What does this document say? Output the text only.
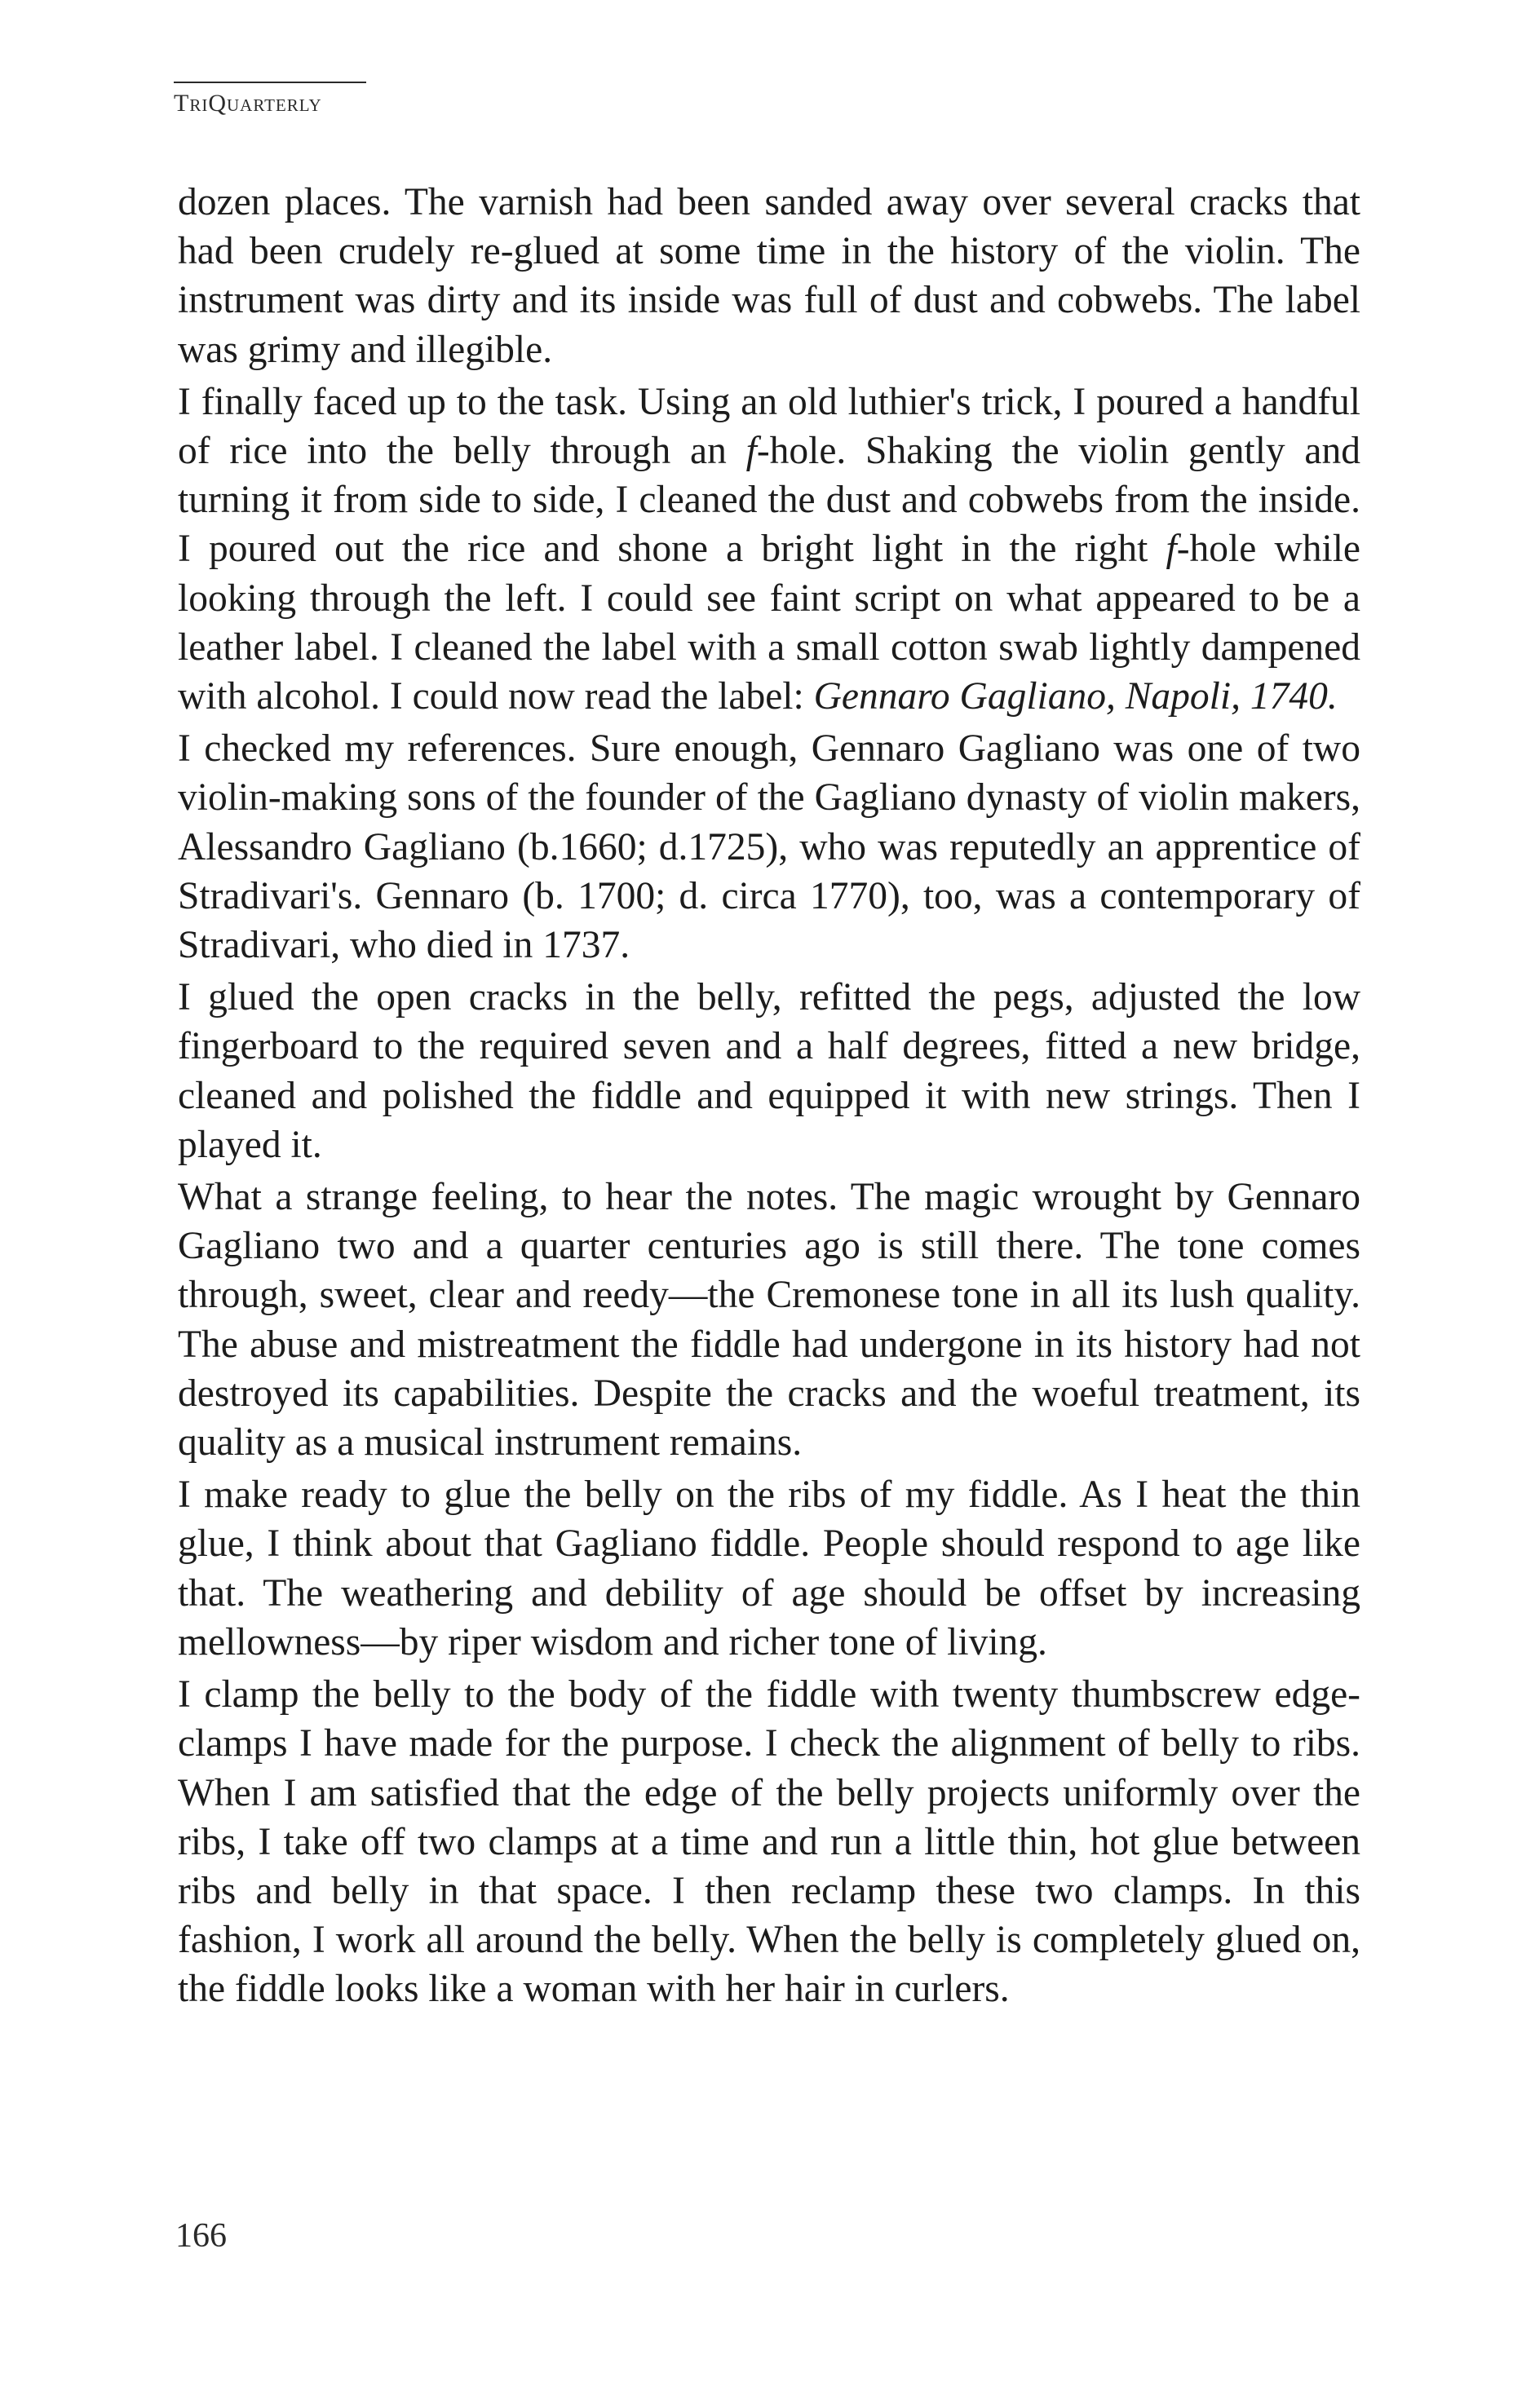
TriQuarterly

dozen places. The varnish had been sanded away over several cracks that had been crudely re-glued at some time in the history of the violin. The instrument was dirty and its inside was full of dust and cobwebs. The label was grimy and illegible.

I finally faced up to the task. Using an old luthier's trick, I poured a handful of rice into the belly through an f-hole. Shaking the violin gently and turning it from side to side, I cleaned the dust and cobwebs from the inside. I poured out the rice and shone a bright light in the right f-hole while looking through the left. I could see faint script on what appeared to be a leather label. I cleaned the label with a small cotton swab lightly dampened with alcohol. I could now read the label: Gennaro Gagliano, Napoli, 1740.

I checked my references. Sure enough, Gennaro Gagliano was one of two violin-making sons of the founder of the Gagliano dynasty of violin makers, Alessandro Gagliano (b.1660; d.1725), who was reputedly an apprentice of Stradivari's. Gennaro (b. 1700; d. circa 1770), too, was a contemporary of Stradivari, who died in 1737.

I glued the open cracks in the belly, refitted the pegs, adjusted the low fingerboard to the required seven and a half degrees, fitted a new bridge, cleaned and polished the fiddle and equipped it with new strings. Then I played it.

What a strange feeling, to hear the notes. The magic wrought by Gennaro Gagliano two and a quarter centuries ago is still there. The tone comes through, sweet, clear and reedy—the Cremonese tone in all its lush quality. The abuse and mistreatment the fiddle had undergone in its history had not destroyed its capabilities. Despite the cracks and the woeful treatment, its quality as a musical instrument remains.

I make ready to glue the belly on the ribs of my fiddle. As I heat the thin glue, I think about that Gagliano fiddle. People should respond to age like that. The weathering and debility of age should be offset by increasing mellowness—by riper wisdom and richer tone of living.

I clamp the belly to the body of the fiddle with twenty thumbscrew edge-clamps I have made for the purpose. I check the alignment of belly to ribs. When I am satisfied that the edge of the belly projects uniformly over the ribs, I take off two clamps at a time and run a little thin, hot glue between ribs and belly in that space. I then reclamp these two clamps. In this fashion, I work all around the belly. When the belly is completely glued on, the fiddle looks like a woman with her hair in curlers.

166
